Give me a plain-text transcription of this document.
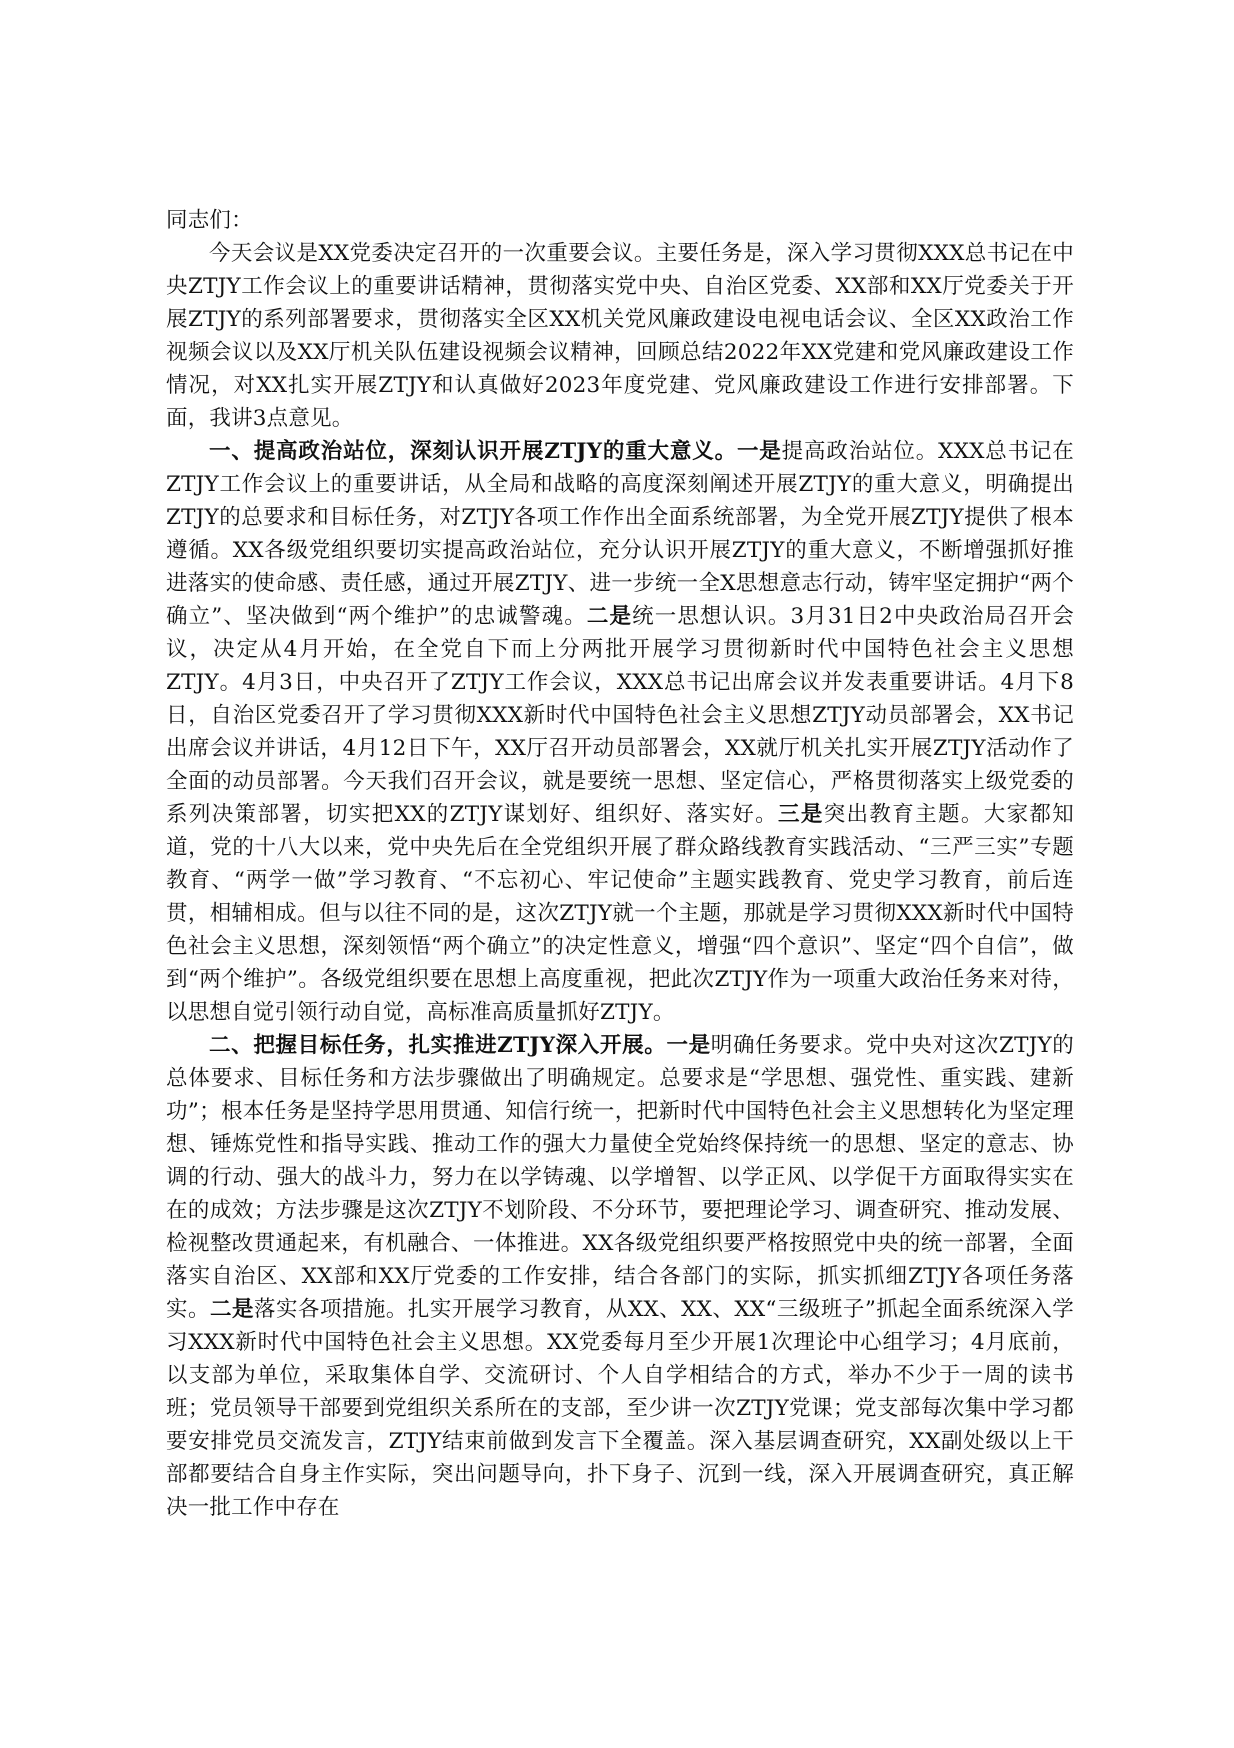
同志们：

今天会议是XX党委决定召开的一次重要会议。主要任务是，深入学习贯彻XXX总书记在中央ZTJY工作会议上的重要讲话精神，贯彻落实党中央、自治区党委、XX部和XX厅党委关于开展ZTJY的系列部署要求，贯彻落实全区XX机关党风廉政建设电视电话会议、全区XX政治工作视频会议以及XX厅机关队伍建设视频会议精神，回顾总结2022年XX党建和党风廉政建设工作情况，对XX扎实开展ZTJY和认真做好2023年度党建、党风廉政建设工作进行安排部署。下面，我讲3点意见。

一、提高政治站位，深刻认识开展ZTJY的重大意义。一是提高政治站位。XXX总书记在ZTJY工作会议上的重要讲话，从全局和战略的高度深刻阐述开展ZTJY的重大意义，明确提出ZTJY的总要求和目标任务，对ZTJY各项工作作出全面系统部署，为全党开展ZTJY提供了根本遵循。XX各级党组织要切实提高政治站位，充分认识开展ZTJY的重大意义，不断增强抓好推进落实的使命感、责任感，通过开展ZTJY、进一步统一全X思想意志行动，铸牢坚定拥护“两个确立”、坚决做到“两个维护”的忠诚警魂。二是统一思想认识。3月31日2中央政治局召开会议，决定从4月开始，在全党自下而上分两批开展学习贯彻新时代中国特色社会主义思想ZTJY。4月3日，中央召开了ZTJY工作会议，XXX总书记出席会议并发表重要讲话。4月下8日，自治区党委召开了学习贯彻XXX新时代中国特色社会主义思想ZTJY动员部署会，XX书记出席会议并讲话，4月12日下午，XX厅召开动员部署会，XX就厅机关扎实开展ZTJY活动作了全面的动员部署。今天我们召开会议，就是要统一思想、坚定信心，严格贯彻落实上级党委的系列决策部署，切实把XX的ZTJY谋划好、组织好、落实好。三是突出教育主题。大家都知道，党的十八大以来，党中央先后在全党组织开展了群众路线教育实践活动、“三严三实”专题教育、“两学一做”学习教育、“不忘初心、牢记使命”主题实践教育、党史学习教育，前后连贯，相辅相成。但与以往不同的是，这次ZTJY就一个主题，那就是学习贯彻XXX新时代中国特色社会主义思想，深刻领悟“两个确立”的决定性意义，增强“四个意识”、坚定“四个自信”，做到“两个维护”。各级党组织要在思想上高度重视，把此次ZTJY作为一项重大政治任务来对待，以思想自觉引领行动自觉，高标准高质量抓好ZTJY。

二、把握目标任务，扎实推进ZTJY深入开展。一是明确任务要求。党中央对这次ZTJY的总体要求、目标任务和方法步骤做出了明确规定。总要求是“学思想、强党性、重实践、建新功”；根本任务是坚持学思用贯通、知信行统一，把新时代中国特色社会主义思想转化为坚定理想、锤炼党性和指导实践、推动工作的强大力量使全党始终保持统一的思想、坚定的意志、协调的行动、强大的战斗力，努力在以学铸魂、以学增智、以学正风、以学促干方面取得实实在在的成效；方法步骤是这次ZTJY不划阶段、不分环节，要把理论学习、调查研究、推动发展、检视整改贯通起来，有机融合、一体推进。XX各级党组织要严格按照党中央的统一部署，全面落实自治区、XX部和XX厅党委的工作安排，结合各部门的实际，抓实抓细ZTJY各项任务落实。二是落实各项措施。扎实开展学习教育，从XX、XX、XX“三级班子”抓起全面系统深入学习XXX新时代中国特色社会主义思想。XX党委每月至少开展1次理论中心组学习；4月底前，以支部为单位，采取集体自学、交流研讨、个人自学相结合的方式，举办不少于一周的读书班；党员领导干部要到党组织关系所在的支部，至少讲一次ZTJY党课；党支部每次集中学习都要安排党员交流发言，ZTJY结束前做到发言下全覆盖。深入基层调查研究，XX副处级以上干部都要结合自身主作实际，突出问题导向，扑下身子、沉到一线，深入开展调查研究，真正解决一批工作中存在
